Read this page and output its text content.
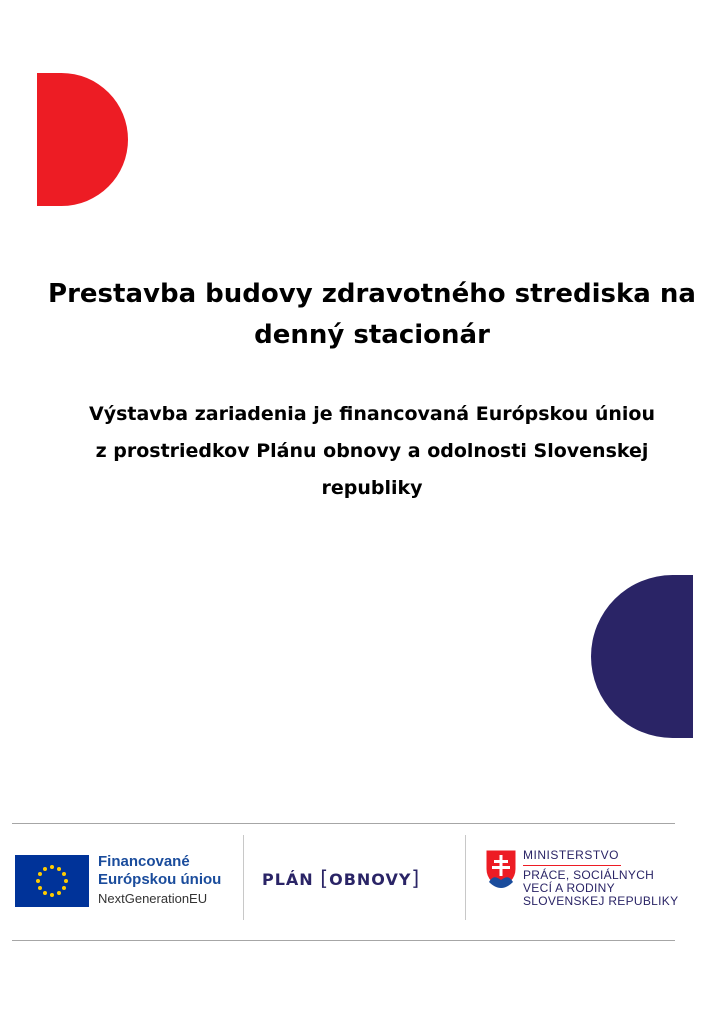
Prestavba budovy zdravotného strediska na
denný stacionár

Výstavba zariadenia je financovaná Európskou úniou
z prostriedkov Plánu obnovy a odolnosti Slovenskej
republiky

Financované
Európskou úniou
NextGenerationEU
PLÁN [OBNOVY]
MINISTERSTVO
PRÁCE, SOCIÁLNYCH
VECÍ A RODINY
SLOVENSKEJ REPUBLIKY
